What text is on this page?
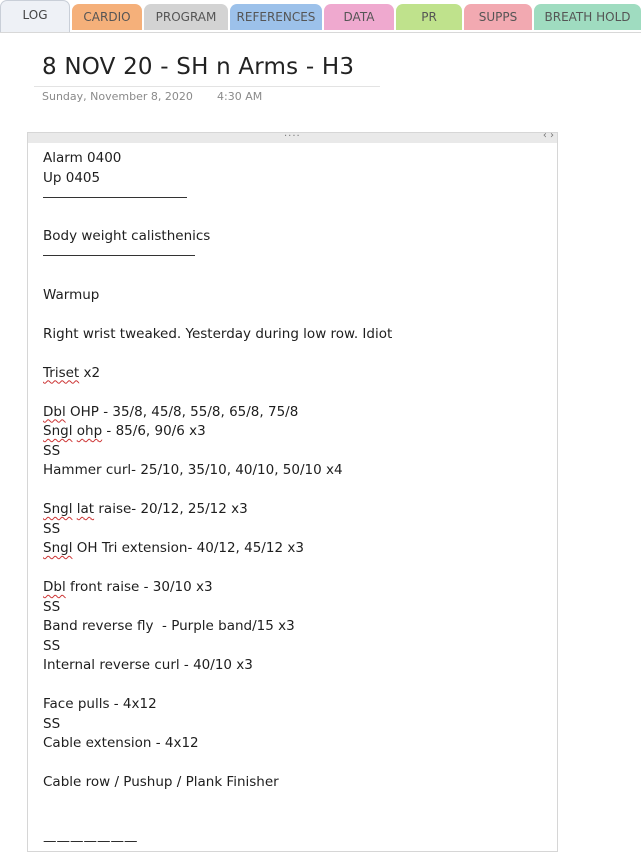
LOG	CARDIO	PROGRAM	REFERENCES	DATA	PR	SUPPS	BREATH HOLD
8 NOV 20 - SH n Arms - H3
Sunday, November 8, 2020 4:30 AM
····	‹ ›
Alarm 0400
Up 0405
Body weight calisthenics
Warmup
Right wrist tweaked. Yesterday during low row. Idiot
Triset x2
Dbl OHP - 35/8, 45/8, 55/8, 65/8, 75/8
Sngl ohp - 85/6, 90/6 x3
SS
Hammer curl- 25/10, 35/10, 40/10, 50/10 x4
Sngl lat raise- 20/12, 25/12 x3
SS
Sngl OH Tri extension- 40/12, 45/12 x3
Dbl front raise - 30/10 x3
SS
Band reverse fly  - Purple band/15 x3
SS
Internal reverse curl - 40/10 x3
Face pulls - 4x12
SS
Cable extension - 4x12
Cable row / Pushup / Plank Finisher
———————
